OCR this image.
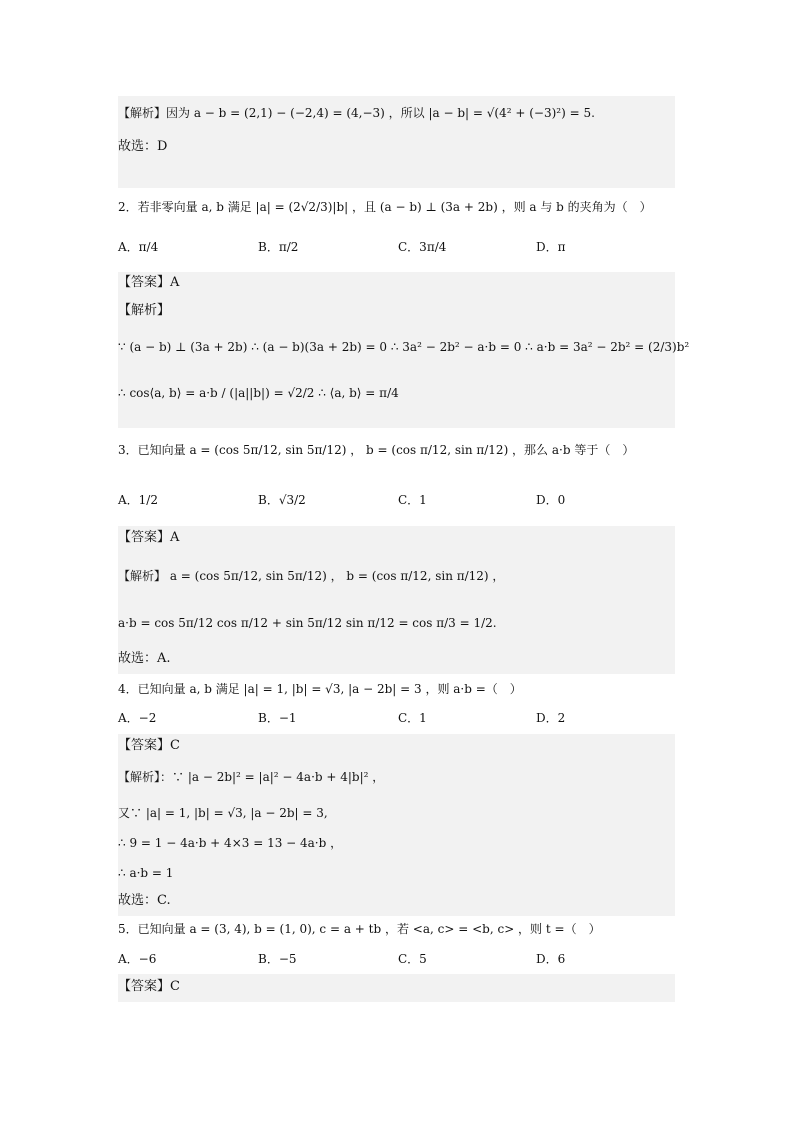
【解析】因为 a − b = (2,1) − (−2,4) = (4,−3) ，所以 |a − b| = √(4² + (−3)²) = 5.
故选：D
2．若非零向量 a, b 满足 |a| = (2√2/3)|b| ，且 (a − b) ⊥ (3a + 2b) ，则 a 与 b 的夹角为（　）
A．π/4	B．π/2	C．3π/4	D．π
【答案】A
【解析】
∵ (a − b) ⊥ (3a + 2b) ∴ (a − b)(3a + 2b) = 0 ∴ 3a² − 2b² − a·b = 0 ∴ a·b = 3a² − 2b² = (2/3)b²
∴ cos⟨a, b⟩ = a·b / (|a||b|) = √2/2 ∴ ⟨a, b⟩ = π/4
3．已知向量 a = (cos 5π/12, sin 5π/12) ， b = (cos π/12, sin π/12) ，那么 a·b 等于（　）
A．1/2	B．√3/2	C．1	D．0
【答案】A
【解析】 a = (cos 5π/12, sin 5π/12) ， b = (cos π/12, sin π/12) ，
a·b = cos 5π/12 cos π/12 + sin 5π/12 sin π/12 = cos π/3 = 1/2.
故选：A.
4．已知向量 a, b 满足 |a| = 1, |b| = √3, |a − 2b| = 3 ，则 a·b =（　）
A．−2	B．−1	C．1	D．2
【答案】C
【解析】：∵ |a − 2b|² = |a|² − 4a·b + 4|b|² ，
又∵ |a| = 1, |b| = √3, |a − 2b| = 3,
∴ 9 = 1 − 4a·b + 4×3 = 13 − 4a·b ，
∴ a·b = 1
故选：C.
5．已知向量 a = (3, 4), b = (1, 0), c = a + tb ，若 <a, c> = <b, c> ，则 t =（　）
A．−6	B．−5	C．5	D．6
【答案】C
